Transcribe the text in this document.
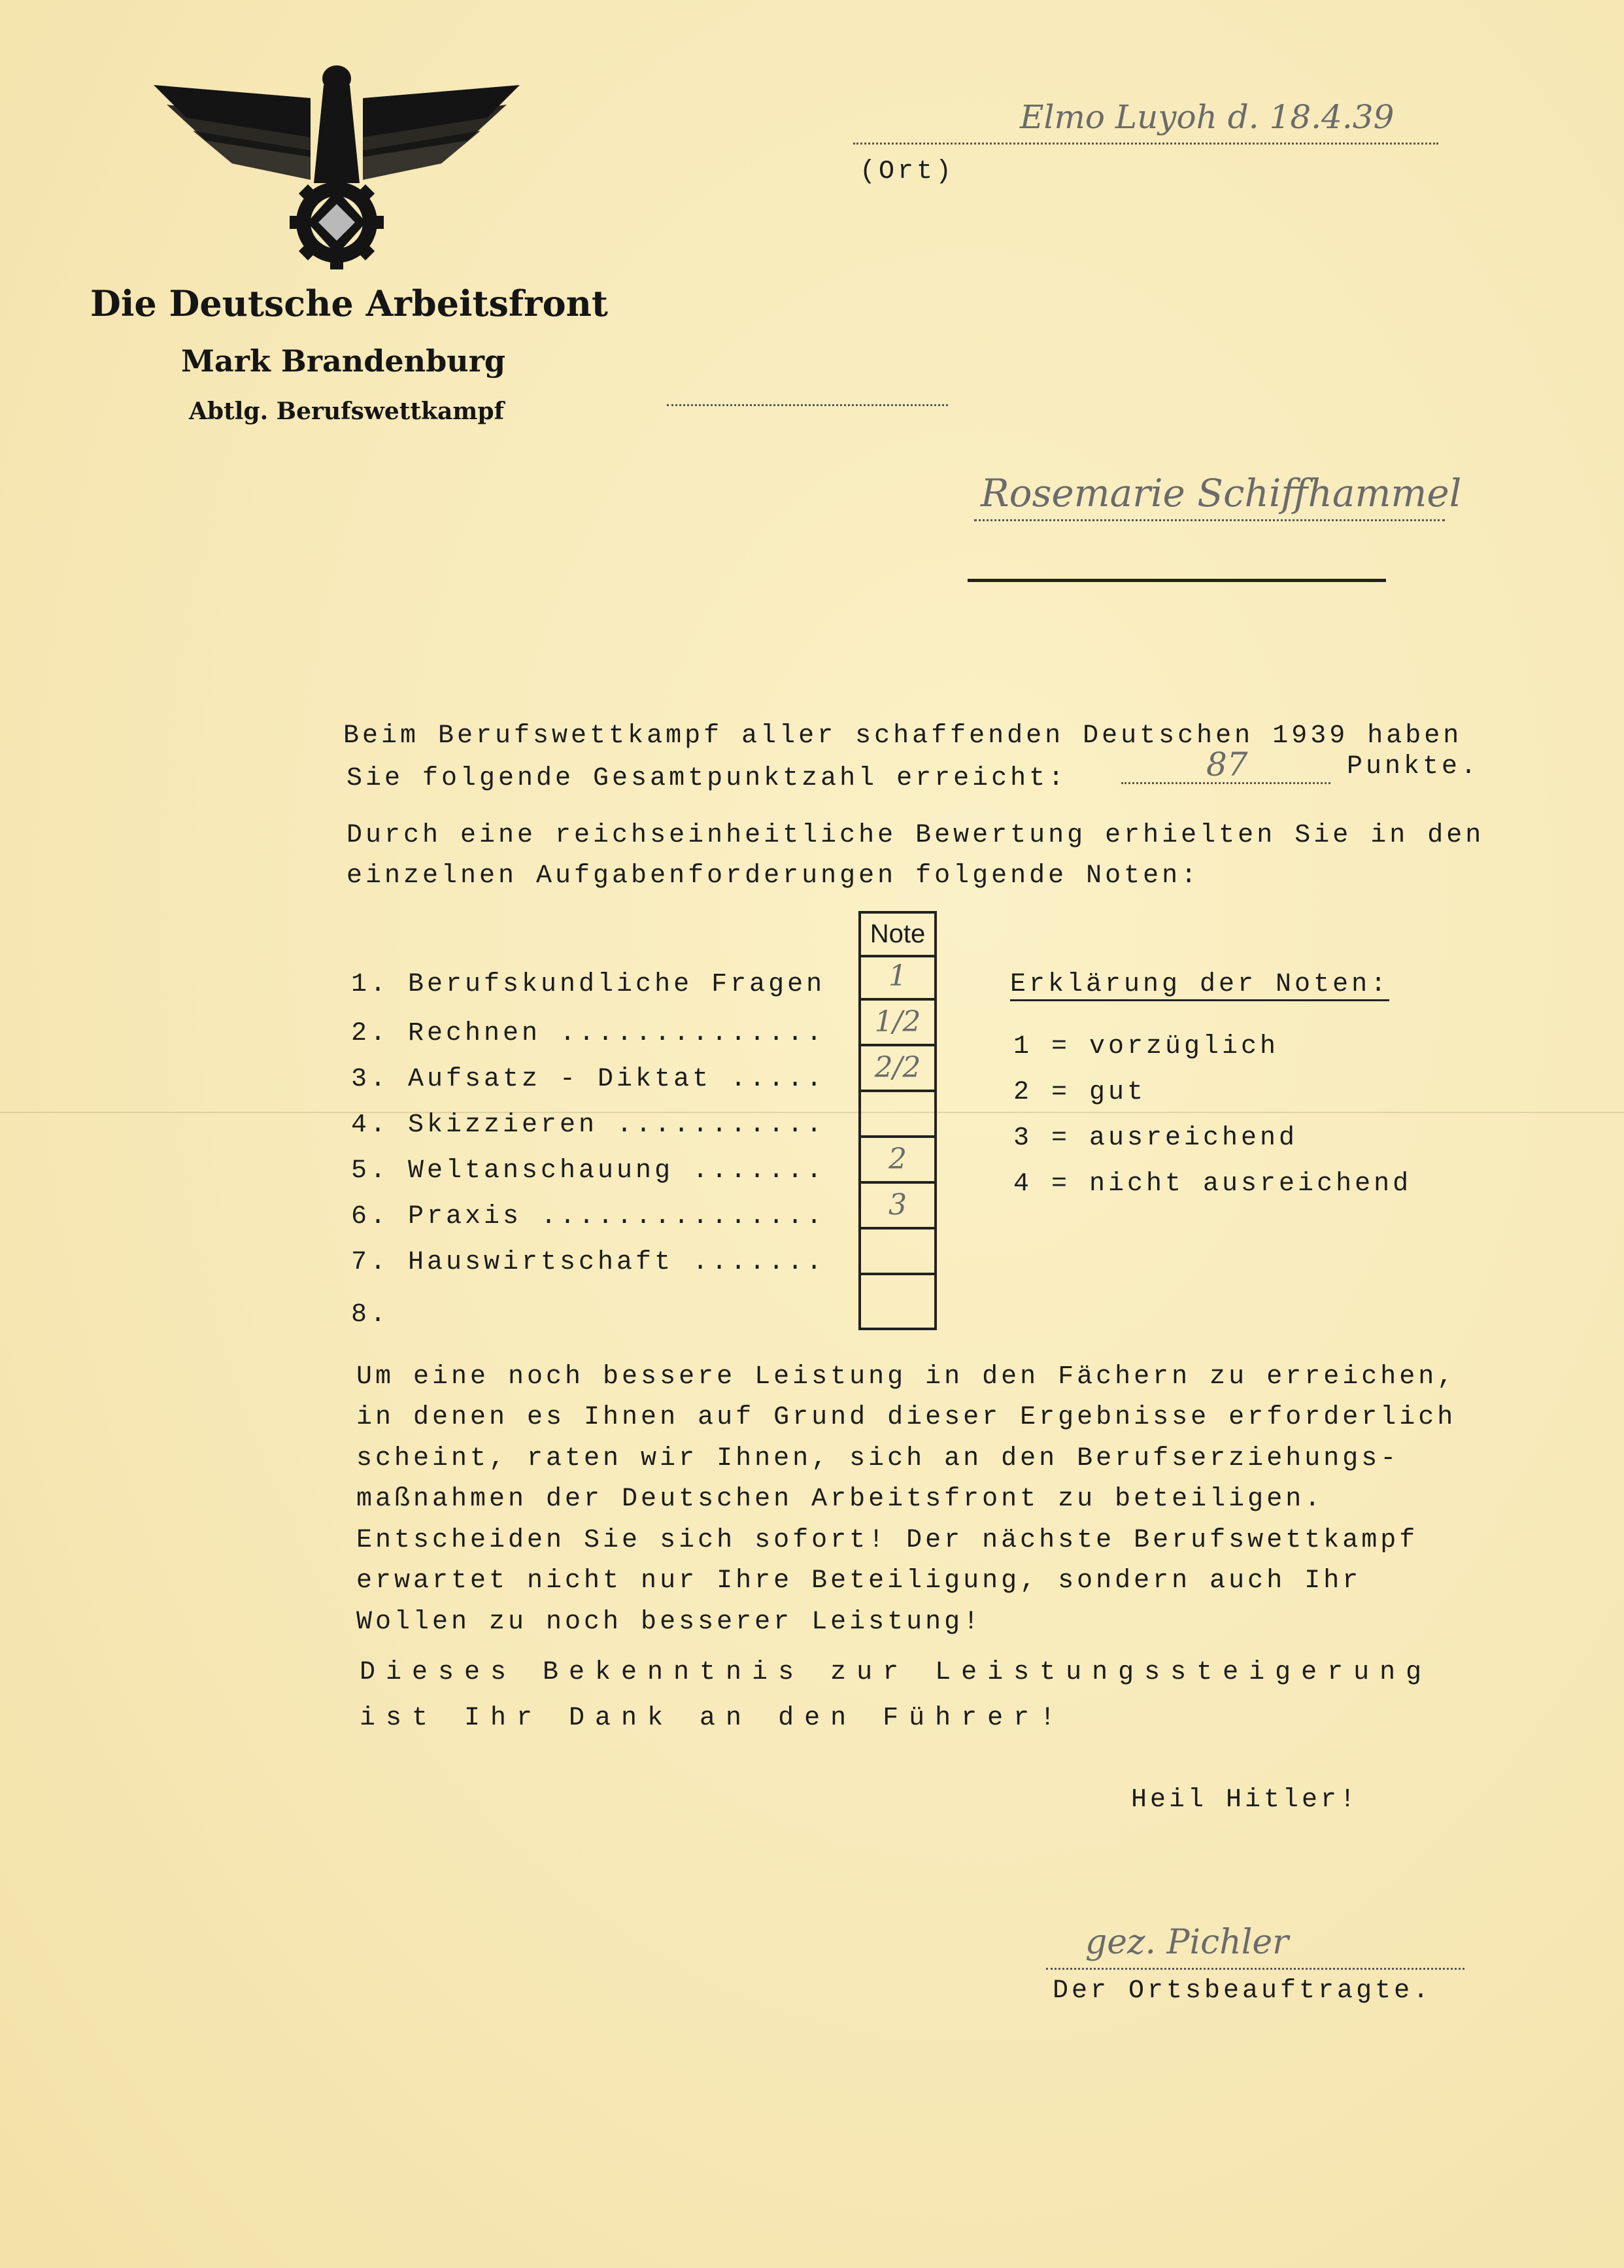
Die Deutsche Arbeitsfront
Mark Brandenburg
Abtlg. Berufswettkampf
Elmo Luyoh d. 18.4.39
(Ort)
Rosemarie Schiffhammel
Beim Berufswettkampf aller schaffenden Deutschen 1939 haben
Sie folgende Gesamtpunktzahl erreicht:	87	Punkte.
Durch eine reichseinheitliche Bewertung erhielten Sie in den
einzelnen Aufgabenforderungen folgende Noten:
1. Berufskundliche Fragen
2. Rechnen ..............
3. Aufsatz - Diktat .....
4. Skizzieren ...........
5. Weltanschauung .......
6. Praxis ...............
7. Hauswirtschaft .......
8.
Note
1
1/2
2/2
2
3
Erklärung der Noten:
1 = vorzüglich
2 = gut
3 = ausreichend
4 = nicht ausreichend
Um eine noch bessere Leistung in den Fächern zu erreichen,
in denen es Ihnen auf Grund dieser Ergebnisse erforderlich
scheint, raten wir Ihnen, sich an den Berufserziehungs-
maßnahmen der Deutschen Arbeitsfront zu beteiligen.
Entscheiden Sie sich sofort! Der nächste Berufswettkampf
erwartet nicht nur Ihre Beteiligung, sondern auch Ihr
Wollen zu noch besserer Leistung!
Dieses Bekenntnis zur Leistungssteigerung
ist Ihr Dank an den Führer!
Heil Hitler!
gez. Pichler
Der Ortsbeauftragte.
